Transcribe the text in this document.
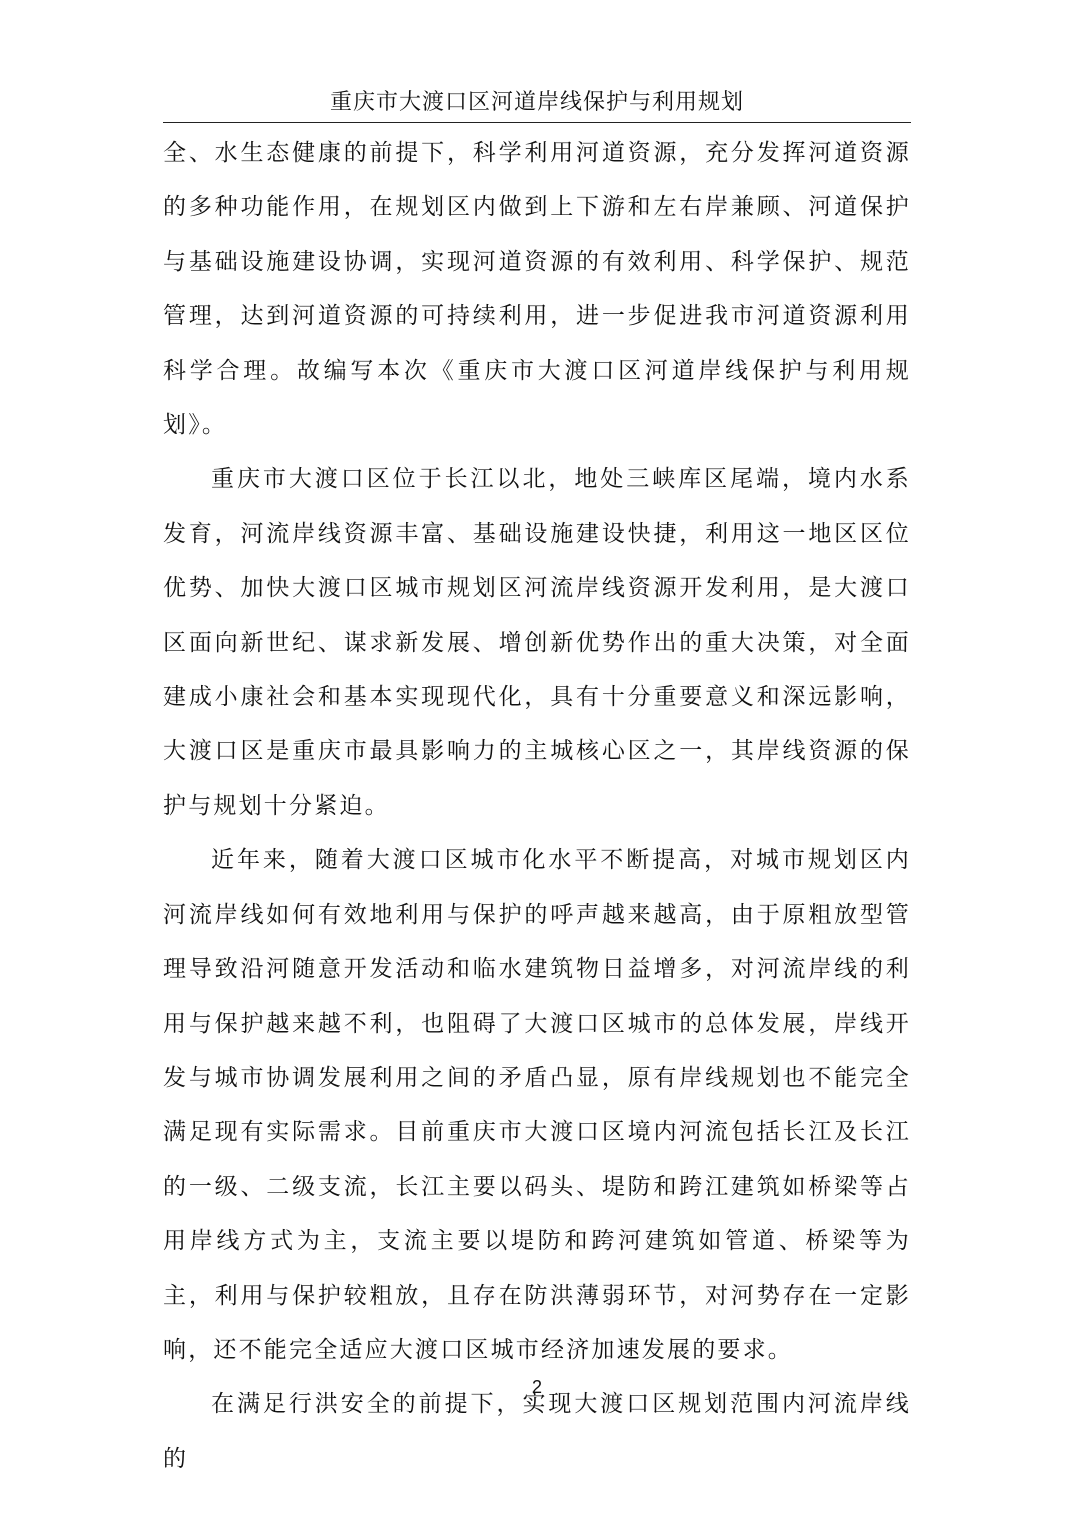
重庆市大渡口区河道岸线保护与利用规划

全、水生态健康的前提下，科学利用河道资源，充分发挥河道资源的多种功能作用，在规划区内做到上下游和左右岸兼顾、河道保护与基础设施建设协调，实现河道资源的有效利用、科学保护、规范管理，达到河道资源的可持续利用，进一步促进我市河道资源利用科学合理。故编写本次《重庆市大渡口区河道岸线保护与利用规划》。

重庆市大渡口区位于长江以北，地处三峡库区尾端，境内水系发育，河流岸线资源丰富、基础设施建设快捷，利用这一地区区位优势、加快大渡口区城市规划区河流岸线资源开发利用，是大渡口区面向新世纪、谋求新发展、增创新优势作出的重大决策，对全面建成小康社会和基本实现现代化，具有十分重要意义和深远影响，大渡口区是重庆市最具影响力的主城核心区之一，其岸线资源的保护与规划十分紧迫。

近年来，随着大渡口区城市化水平不断提高，对城市规划区内河流岸线如何有效地利用与保护的呼声越来越高，由于原粗放型管理导致沿河随意开发活动和临水建筑物日益增多，对河流岸线的利用与保护越来越不利，也阻碍了大渡口区城市的总体发展，岸线开发与城市协调发展利用之间的矛盾凸显，原有岸线规划也不能完全满足现有实际需求。目前重庆市大渡口区境内河流包括长江及长江的一级、二级支流，长江主要以码头、堤防和跨江建筑如桥梁等占用岸线方式为主，支流主要以堤防和跨河建筑如管道、桥梁等为主，利用与保护较粗放，且存在防洪薄弱环节，对河势存在一定影响，还不能完全适应大渡口区城市经济加速发展的要求。

在满足行洪安全的前提下，实现大渡口区规划范围内河流岸线的

2
